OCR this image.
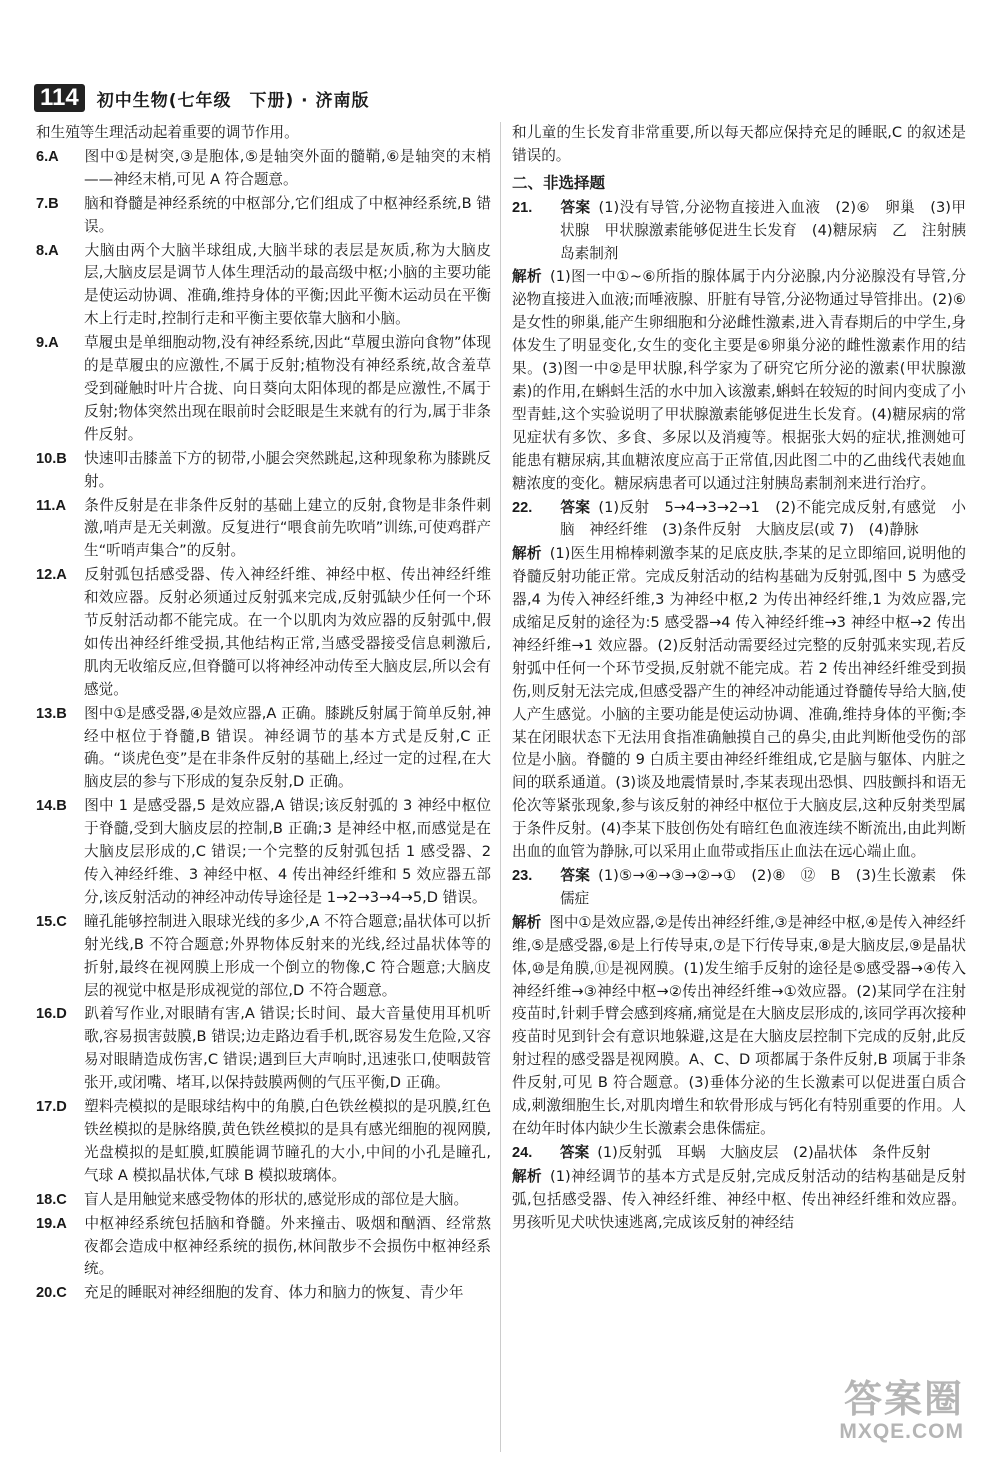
114	初中生物(七年级　下册) · 济南版
和生殖等生理活动起着重要的调节作用。
6.A 图中①是树突,③是胞体,⑤是轴突外面的髓鞘,⑥是轴突的末梢——神经末梢,可见 A 符合题意。
7.B 脑和脊髓是神经系统的中枢部分,它们组成了中枢神经系统,B 错误。
8.A 大脑由两个大脑半球组成,大脑半球的表层是灰质,称为大脑皮层,大脑皮层是调节人体生理活动的最高级中枢;小脑的主要功能是使运动协调、准确,维持身体的平衡;因此平衡木运动员在平衡木上行走时,控制行走和平衡主要依靠大脑和小脑。
9.A 草履虫是单细胞动物,没有神经系统,因此“草履虫游向食物”体现的是草履虫的应激性,不属于反射;植物没有神经系统,故含羞草受到碰触时叶片合拢、向日葵向太阳体现的都是应激性,不属于反射;物体突然出现在眼前时会眨眼是生来就有的行为,属于非条件反射。
10.B 快速叩击膝盖下方的韧带,小腿会突然跳起,这种现象称为膝跳反射。
11.A 条件反射是在非条件反射的基础上建立的反射,食物是非条件刺激,哨声是无关刺激。反复进行“喂食前先吹哨”训练,可使鸡群产生“听哨声集合”的反射。
12.A 反射弧包括感受器、传入神经纤维、神经中枢、传出神经纤维和效应器。反射必须通过反射弧来完成,反射弧缺少任何一个环节反射活动都不能完成。在一个以肌肉为效应器的反射弧中,假如传出神经纤维受损,其他结构正常,当感受器接受信息刺激后,肌肉无收缩反应,但脊髓可以将神经冲动传至大脑皮层,所以会有感觉。
13.B 图中①是感受器,④是效应器,A 正确。膝跳反射属于简单反射,神经中枢位于脊髓,B 错误。神经调节的基本方式是反射,C 正确。“谈虎色变”是在非条件反射的基础上,经过一定的过程,在大脑皮层的参与下形成的复杂反射,D 正确。
14.B 图中 1 是感受器,5 是效应器,A 错误;该反射弧的 3 神经中枢位于脊髓,受到大脑皮层的控制,B 正确;3 是神经中枢,而感觉是在大脑皮层形成的,C 错误;一个完整的反射弧包括 1 感受器、2 传入神经纤维、3 神经中枢、4 传出神经纤维和 5 效应器五部分,该反射活动的神经冲动传导途径是 1→2→3→4→5,D 错误。
15.C 瞳孔能够控制进入眼球光线的多少,A 不符合题意;晶状体可以折射光线,B 不符合题意;外界物体反射来的光线,经过晶状体等的折射,最终在视网膜上形成一个倒立的物像,C 符合题意;大脑皮层的视觉中枢是形成视觉的部位,D 不符合题意。
16.D 趴着写作业,对眼睛有害,A 错误;长时间、最大音量使用耳机听歌,容易损害鼓膜,B 错误;边走路边看手机,既容易发生危险,又容易对眼睛造成伤害,C 错误;遇到巨大声响时,迅速张口,使咽鼓管张开,或闭嘴、堵耳,以保持鼓膜两侧的气压平衡,D 正确。
17.D 塑料壳模拟的是眼球结构中的角膜,白色铁丝模拟的是巩膜,红色铁丝模拟的是脉络膜,黄色铁丝模拟的是具有感光细胞的视网膜,光盘模拟的是虹膜,虹膜能调节瞳孔的大小,中间的小孔是瞳孔,气球 A 模拟晶状体,气球 B 模拟玻璃体。
18.C 盲人是用触觉来感受物体的形状的,感觉形成的部位是大脑。
19.A 中枢神经系统包括脑和脊髓。外来撞击、吸烟和酗酒、经常熬夜都会造成中枢神经系统的损伤,林间散步不会损伤中枢神经系统。
20.C 充足的睡眠对神经细胞的发育、体力和脑力的恢复、青少年
和儿童的生长发育非常重要,所以每天都应保持充足的睡眠,C 的叙述是错误的。
二、非选择题
21. 答案 (1)没有导管,分泌物直接进入血液　(2)⑥　卵巢　(3)甲状腺　甲状腺激素能够促进生长发育　(4)糖尿病　乙　注射胰岛素制剂
解析 (1)图一中①~⑥所指的腺体属于内分泌腺,内分泌腺没有导管,分泌物直接进入血液;而唾液腺、肝脏有导管,分泌物通过导管排出。(2)⑥是女性的卵巢,能产生卵细胞和分泌雌性激素,进入青春期后的中学生,身体发生了明显变化,女生的变化主要是⑥卵巢分泌的雌性激素作用的结果。(3)图一中②是甲状腺,科学家为了研究它所分泌的激素(甲状腺激素)的作用,在蝌蚪生活的水中加入该激素,蝌蚪在较短的时间内变成了小型青蛙,这个实验说明了甲状腺激素能够促进生长发育。(4)糖尿病的常见症状有多饮、多食、多尿以及消瘦等。根据张大妈的症状,推测她可能患有糖尿病,其血糖浓度应高于正常值,因此图二中的乙曲线代表她血糖浓度的变化。糖尿病患者可以通过注射胰岛素制剂来进行治疗。
22. 答案 (1)反射　5→4→3→2→1　(2)不能完成反射,有感觉　小脑　神经纤维　(3)条件反射　大脑皮层(或 7)　(4)静脉
解析 (1)医生用棉棒刺激李某的足底皮肤,李某的足立即缩回,说明他的脊髓反射功能正常。完成反射活动的结构基础为反射弧,图中 5 为感受器,4 为传入神经纤维,3 为神经中枢,2 为传出神经纤维,1 为效应器,完成缩足反射的途径为:5 感受器→4 传入神经纤维→3 神经中枢→2 传出神经纤维→1 效应器。(2)反射活动需要经过完整的反射弧来实现,若反射弧中任何一个环节受损,反射就不能完成。若 2 传出神经纤维受到损伤,则反射无法完成,但感受器产生的神经冲动能通过脊髓传导给大脑,使人产生感觉。小脑的主要功能是使运动协调、准确,维持身体的平衡;李某在闭眼状态下无法用食指准确触摸自己的鼻尖,由此判断他受伤的部位是小脑。脊髓的 9 白质主要由神经纤维组成,它是脑与躯体、内脏之间的联系通道。(3)谈及地震情景时,李某表现出恐惧、四肢颤抖和语无伦次等紧张现象,参与该反射的神经中枢位于大脑皮层,这种反射类型属于条件反射。(4)李某下肢创伤处有暗红色血液连续不断流出,由此判断出血的血管为静脉,可以采用止血带或指压止血法在远心端止血。
23. 答案 (1)⑤→④→③→②→①　(2)⑧　⑫　B　(3)生长激素　侏儒症
解析 图中①是效应器,②是传出神经纤维,③是神经中枢,④是传入神经纤维,⑤是感受器,⑥是上行传导束,⑦是下行传导束,⑧是大脑皮层,⑨是晶状体,⑩是角膜,⑪是视网膜。(1)发生缩手反射的途径是⑤感受器→④传入神经纤维→③神经中枢→②传出神经纤维→①效应器。(2)某同学在注射疫苗时,针刺手臂会感到疼痛,痛觉是在大脑皮层形成的,该同学再次接种疫苗时见到针会有意识地躲避,这是在大脑皮层控制下完成的反射,此反射过程的感受器是视网膜。A、C、D 项都属于条件反射,B 项属于非条件反射,可见 B 符合题意。(3)垂体分泌的生长激素可以促进蛋白质合成,刺激细胞生长,对肌肉增生和软骨形成与钙化有特别重要的作用。人在幼年时体内缺少生长激素会患侏儒症。
24. 答案 (1)反射弧　耳蜗　大脑皮层　(2)晶状体　条件反射
解析 (1)神经调节的基本方式是反射,完成反射活动的结构基础是反射弧,包括感受器、传入神经纤维、神经中枢、传出神经纤维和效应器。男孩听见犬吠快速逃离,完成该反射的神经结
答案圈
MXQE.COM
